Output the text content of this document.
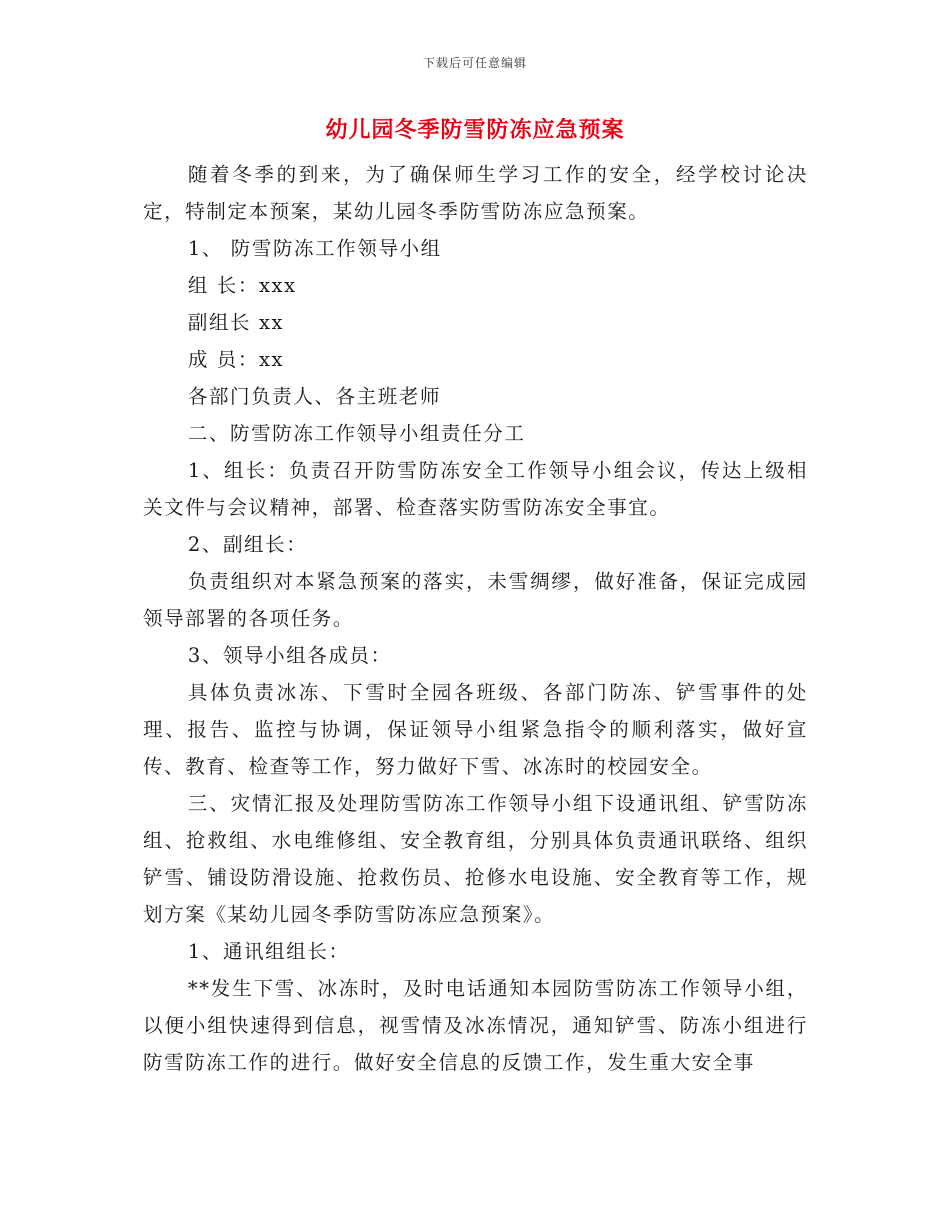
下载后可任意编辑
幼儿园冬季防雪防冻应急预案

随着冬季的到来，为了确保师生学习工作的安全，经学校讨论决定，特制定本预案，某幼儿园冬季防雪防冻应急预案。

1、 防雪防冻工作领导小组

组 长：xxx

副组长 xx

成 员：xx

各部门负责人、各主班老师

二、防雪防冻工作领导小组责任分工

1、组长：负责召开防雪防冻安全工作领导小组会议，传达上级相关文件与会议精神，部署、检查落实防雪防冻安全事宜。

2、副组长：

负责组织对本紧急预案的落实，未雪绸缪，做好准备，保证完成园领导部署的各项任务。

3、领导小组各成员：

具体负责冰冻、下雪时全园各班级、各部门防冻、铲雪事件的处理、报告、监控与协调，保证领导小组紧急指令的顺利落实，做好宣传、教育、检查等工作，努力做好下雪、冰冻时的校园安全。

三、灾情汇报及处理防雪防冻工作领导小组下设通讯组、铲雪防冻组、抢救组、水电维修组、安全教育组，分别具体负责通讯联络、组织铲雪、铺设防滑设施、抢救伤员、抢修水电设施、安全教育等工作，规划方案《某幼儿园冬季防雪防冻应急预案》。

1、通讯组组长：

**发生下雪、冰冻时，及时电话通知本园防雪防冻工作领导小组，以便小组快速得到信息，视雪情及冰冻情况，通知铲雪、防冻小组进行防雪防冻工作的进行。做好安全信息的反馈工作，发生重大安全事
